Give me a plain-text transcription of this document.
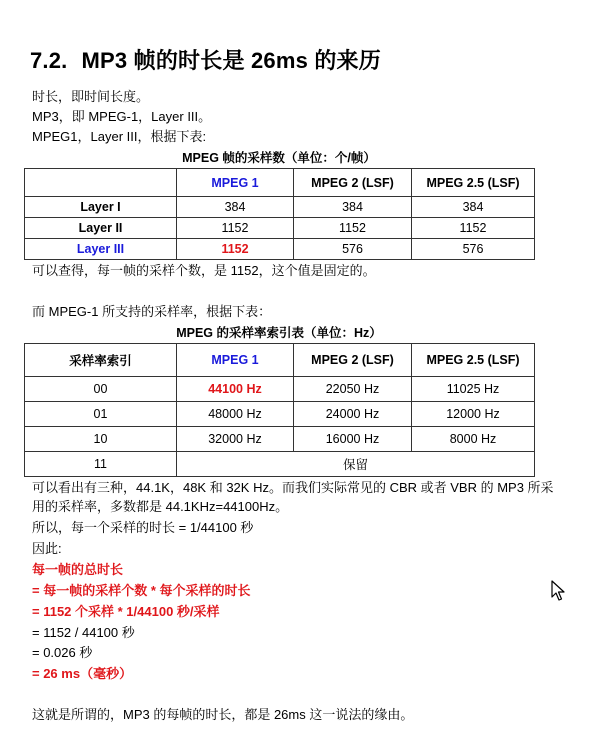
7.2. MP3 帧的时长是 26ms 的来历
时长，即时间长度。
MP3，即 MPEG-1，Layer III。
MPEG1，Layer III，根据下表:
MPEG 帧的采样数（单位：个/帧）
	MPEG 1	MPEG 2 (LSF)	MPEG 2.5 (LSF)
Layer I	384	384	384
Layer II	1152	1152	1152
Layer III	1152	576	576
可以查得，每一帧的采样个数，是 1152，这个值是固定的。
而 MPEG-1 所支持的采样率，根据下表：
MPEG 的采样率索引表（单位：Hz）
采样率索引	MPEG 1	MPEG 2 (LSF)	MPEG 2.5 (LSF)
00	44100 Hz	22050 Hz	11025 Hz
01	48000 Hz	24000 Hz	12000 Hz
10	32000 Hz	16000 Hz	8000 Hz
11	保留		
可以看出有三种，44.1K，48K 和 32K Hz。而我们实际常见的 CBR 或者 VBR 的 MP3 所采
用的采样率，多数都是 44.1KHz=44100Hz。
所以，每一个采样的时长 = 1/44100 秒
因此:
每一帧的总时长
= 每一帧的采样个数 * 每个采样的时长
= 1152 个采样 * 1/44100 秒/采样
= 1152 / 44100 秒
= 0.026 秒
= 26 ms（毫秒）
这就是所谓的，MP3 的每帧的时长，都是 26ms 这一说法的缘由。
